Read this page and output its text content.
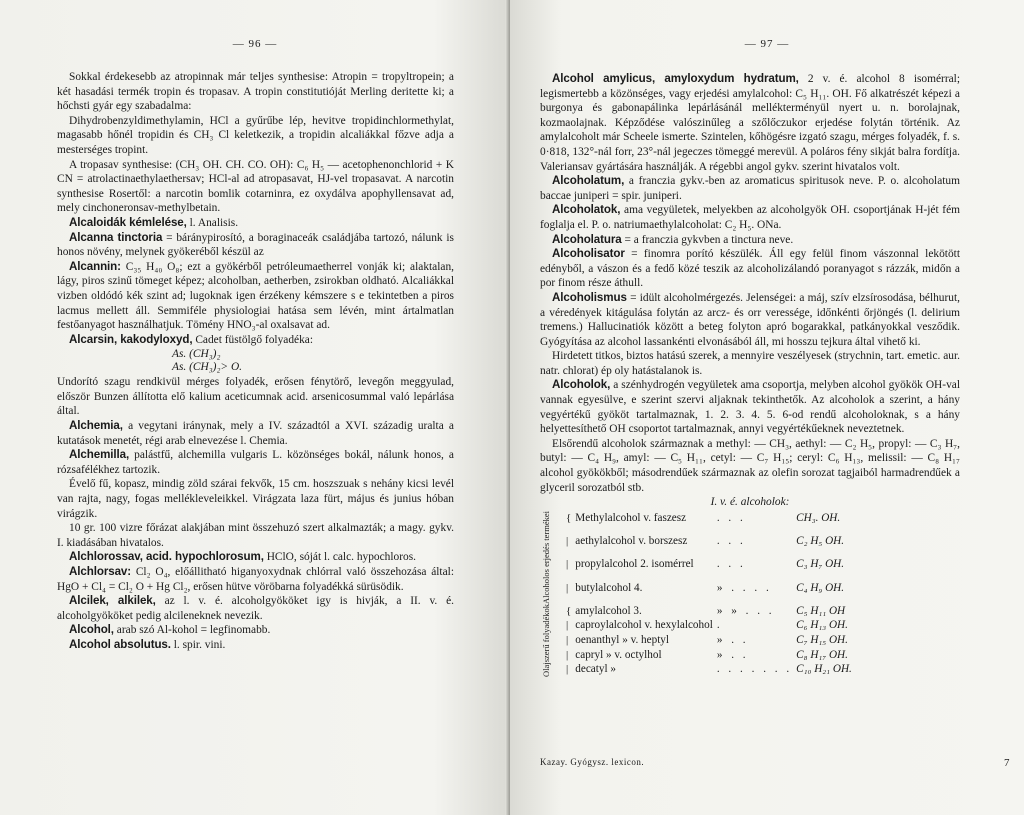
— 96 —

Sokkal érdekesebb az atropinnak már teljes synthesise: Atropin = tropyltropein; a két hasadási termék tropin és tropasav. A tropin constitutióját Merling deritette ki; a hőchsti gyár egy szabadalma:

Dihydrobenzyldimethylamin, HCl a gyűrűbe lép, hevitve tropidinchlormethylat, magasabb hőnél tropidin és CH₃ Cl keletkezik, a tropidin alcaliákkal főzve adja a mesterséges tropint.

A tropasav synthesise: (CH₃ OH. CH. CO. OH): C₆ H₅ — acetophenonchlorid + K CN = atrolactinaethylaethersav; HCl-al ad atropasavat, HJ-vel tropasavat. A narcotin synthesise Rosertől: a narcotin bomlik cotarninra, ez oxydálva apophyllensavat ad, mely cinchoneronsav-methylbetain.

Alcaloidák kémlelése, l. Analisis.

Alcanna tinctoria = báránypirosító, a boraginaceák családjába tartozó, nálunk is honos növény, melynek gyökeréből készül az

Alcannin: C₃₅ H₄₀ O₈; ezt a gyökérből petróleumaetherrel vonják ki; alaktalan, lágy, piros szinű tömeget képez; alcoholban, aetherben, zsirokban oldható. Alcaliákkal vizben oldódó kék szint ad; lugoknak igen érzékeny kémszere s e tekintetben a piros lacmus mellett áll. Semmiféle physiologiai hatása sem lévén, mint ártalmatlan festőanyagot használhatjuk. Tömény HNO₃-al oxalsavat ad.

Alcarsin, kakodyloxyd, Cadet füstölgő folyadéka:

As. (CH₃)₂
As. (CH₃)₂> O.

Undorító szagu rendkivül mérges folyadék, erősen fénytörő, levegőn meggyulad, először Bunzen állította elő kalium aceticumnak acid. arsenicosummal való lepárlása által.

Alchemia, a vegytani iránynak, mely a IV. századtól a XVI. századig uralta a kutatások menetét, régi arab elnevezése l. Chemia.

Alchemilla, palástfű, alchemilla vulgaris L. közönséges bokál, nálunk honos, a rózsafélékhez tartozik.

Évelő fű, kopasz, mindig zöld szárai fekvők, 15 cm. hoszszuak s nehány kicsi levél van rajta, nagy, fogas mellékleveleikkel. Virágzata laza fürt, május és junius hóban virágzik.

10 gr. 100 vizre főrázat alakjában mint összehuzó szert alkalmazták; a magy. gykv. I. kiadásában hivatalos.

Alchlorossav, acid. hypochlorosum, HClO, sóját l. calc. hypochloros.

Alchlorsav: Cl₂ O₄, előállitható higanyoxydnak chlórral való összehozása által: HgO + Cl₄ = Cl₂ O + Hg Cl₂, erősen hütve vöröbarna folyadékká sürüsödik.

Alcilek, alkilek, az l. v. é. alcoholgyököket igy is hivják, a II. v. é. alcoholgyököket pedig alcileneknek nevezik.

Alcohol, arab szó Al-kohol = legfinomabb.

Alcohol absolutus. l. spir. vini.

— 97 —

Alcohol amylicus, amyloxydum hydratum, 2 v. é. alcohol 8 isomérral; legismertebb a közönséges, vagy erjedési amylalcohol: C₅ H₁₁. OH. Fő alkatrészét képezi a burgonya és gabonapálinka lepárlásánál mellékterményül nyert u. n. borolajnak, kozmaolajnak. Képződése valószinűleg a szőlőczukor erjedése folytán történik. Az amylalcoholt már Scheele ismerte. Szintelen, kőhögésre izgató szagu, mérges folyadék, f. s. 0·818, 132°-nál forr, 23°-nál jegeczes tömeggé merevül. A poláros fény sikját balra fordítja. Valeriansav gyártására használják. A régebbi angol gykv. szerint hivatalos volt.

Alcoholatum, a franczia gykv.-ben az aromaticus spiritusok neve. P. o. alcoholatum baccae juniperi = spir. juniperi.

Alcoholatok, ama vegyületek, melyekben az alcoholgyök OH. csoportjának H-jét fém foglalja el. P. o. natriumaethylalcoholat: C₂ H₅. ONa.

Alcoholatura = a franczia gykvben a tinctura neve.

Alcoholisator = finomra porító készülék. Áll egy felül finom vászonnal lekötött edényből, a vászon és a fedő közé teszik az alcoholizálandó poranyagot s rázzák, midőn a por finom része áthull.

Alcoholismus = idült alcoholmérgezés. Jelenségei: a máj, szív elzsírosodása, bélhurut, a véredények kitágulása folytán az arcz- és orr veressége, időnkénti őrjöngés (l. delirium tremens.) Hallucinatiók között a beteg folyton apró bogarakkal, patkányokkal vesződik. Gyógyítása az alcohol lassankénti elvonásából áll, mi hosszu tejkura által vihető ki.

Hirdetett titkos, biztos hatású szerek, a mennyire veszélyesek (strychnin, tart. emetic. aur. natr. chlorat) ép oly hatástalanok is.

Alcoholok, a szénhydrogén vegyületek ama csoportja, melyben alcohol gyökök OH-val vannak egyesülve, e szerint szervi aljaknak tekinthetők. Az alcoholok a szerint, a hány vegyértékű gyököt tartalmaznak, 1. 2. 3. 4. 5. 6-od rendű alcoholoknak, s a hány helyettesíthető OH csoportot tartalmaznak, annyi vegyértékűeknek neveztetnek.

Elsőrendű alcoholok származnak a methyl: — CH₃, aethyl: — C₂ H₅, propyl: — C₃ H₇, butyl: — C₄ H₉, amyl: — C₅ H₁₁, cetyl: — C₇ H₁₅; ceryl: C₆ H₁₃, melissil: — C₈ H₁₇ alcohol gyökökből; másodrendűek származnak az olefin sorozat tagjaiból harmadrendűek a glyceril sorozatból stb.

I. v. é. alcoholok:

Alcoholos erjedés termékei	{	Methylalcohol v. faszesz	. . .	CH₃. OH.
	|	aethylalcohol v. borszesz	. . .	C₂ H₅ OH.
	|	propylalcohol 2. isomérrel	. . .	C₃ H₇ OH.
	|	butylalcohol 4.	» . . . .	C₄ H₉ OH.

Olajszerű folyadékok	{	amylalcohol 3.	» » . . .	C₅ H₁₁ OH
	|	caproylalcohol v. hexylalcohol	.	C₆ H₁₃ OH.
	|	oenanthyl » v. heptyl	» . .	C₇ H₁₅ OH.
	|	capryl » v. octylhol	» . .	C₈ H₁₇ OH.
	|	decatyl »	. . . . . . .	C₁₀ H₂₁ OH.
Kazay. Gyógysz. lexicon.	7
